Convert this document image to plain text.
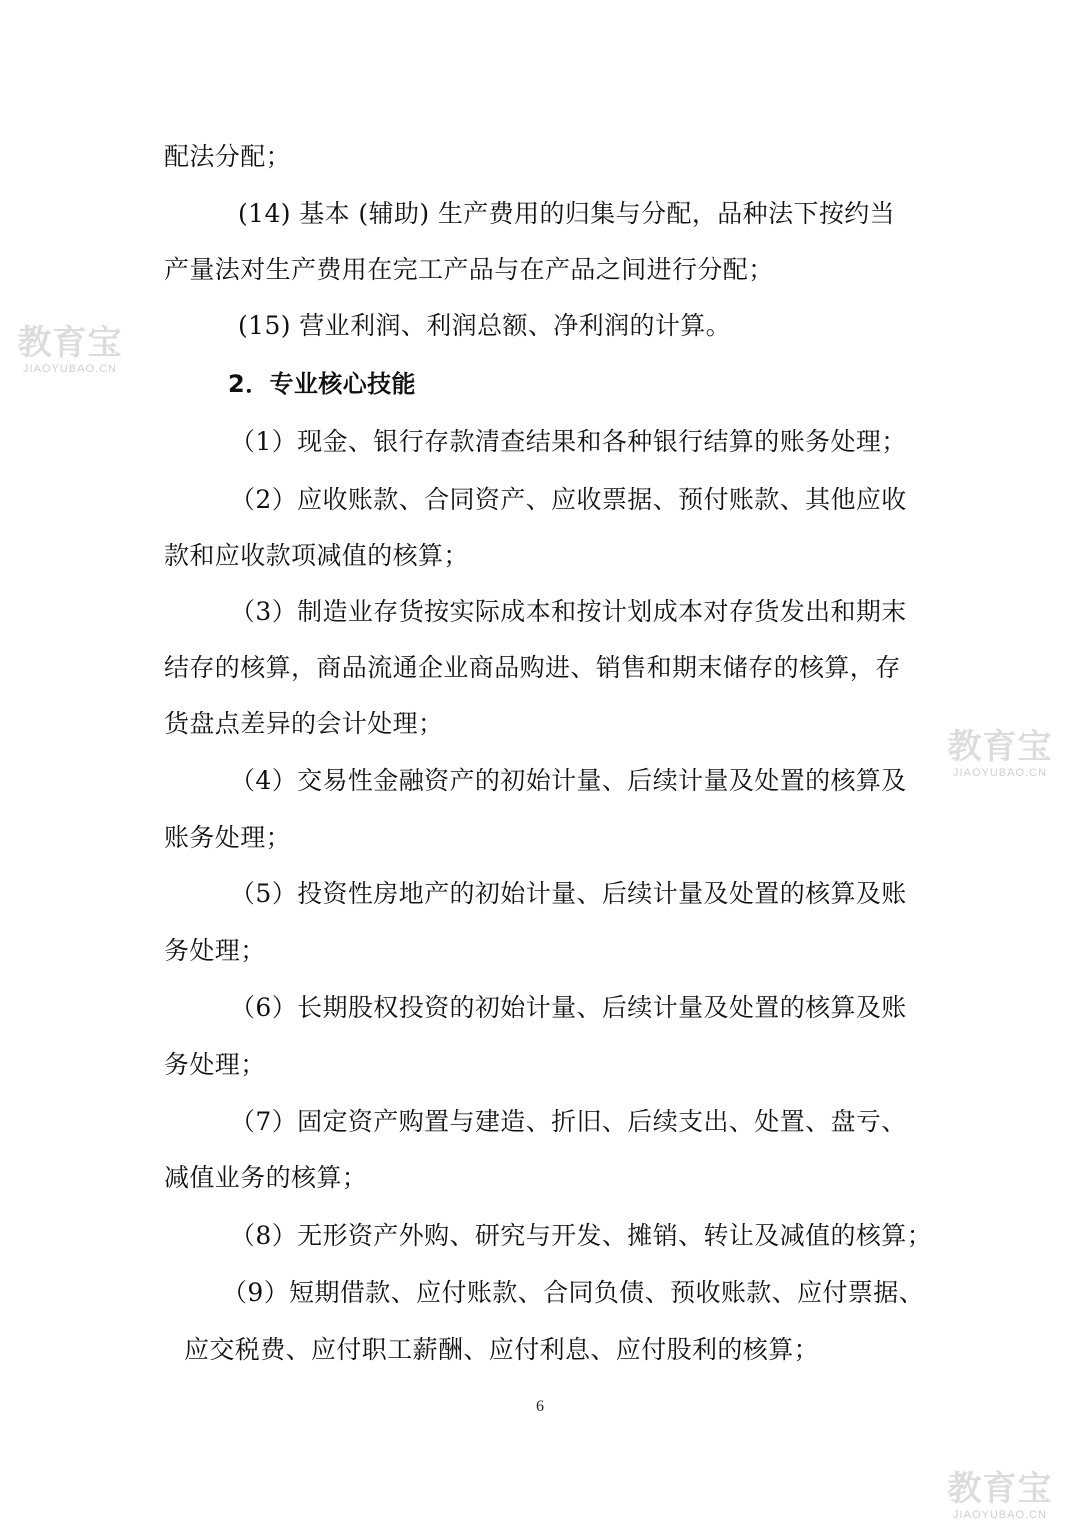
配法分配；
(14) 基本 (辅助) 生产费用的归集与分配，品种法下按约当
产量法对生产费用在完工产品与在产品之间进行分配；
(15) 营业利润、利润总额、净利润的计算。
2．专业核心技能
（1）现金、银行存款清查结果和各种银行结算的账务处理；
（2）应收账款、合同资产、应收票据、预付账款、其他应收
款和应收款项减值的核算；
（3）制造业存货按实际成本和按计划成本对存货发出和期末
结存的核算，商品流通企业商品购进、销售和期末储存的核算，存
货盘点差异的会计处理；
（4）交易性金融资产的初始计量、后续计量及处置的核算及
账务处理；
（5）投资性房地产的初始计量、后续计量及处置的核算及账
务处理；
（6）长期股权投资的初始计量、后续计量及处置的核算及账
务处理；
（7）固定资产购置与建造、折旧、后续支出、处置、盘亏、
减值业务的核算；
（8）无形资产外购、研究与开发、摊销、转让及减值的核算；
（9）短期借款、应付账款、合同负债、预收账款、应付票据、
应交税费、应付职工薪酬、应付利息、应付股利的核算；
6
教育宝
JIAOYUBAO.CN
教育宝
JIAOYUBAO.CN
教育宝
JIAOYUBAO.CN
